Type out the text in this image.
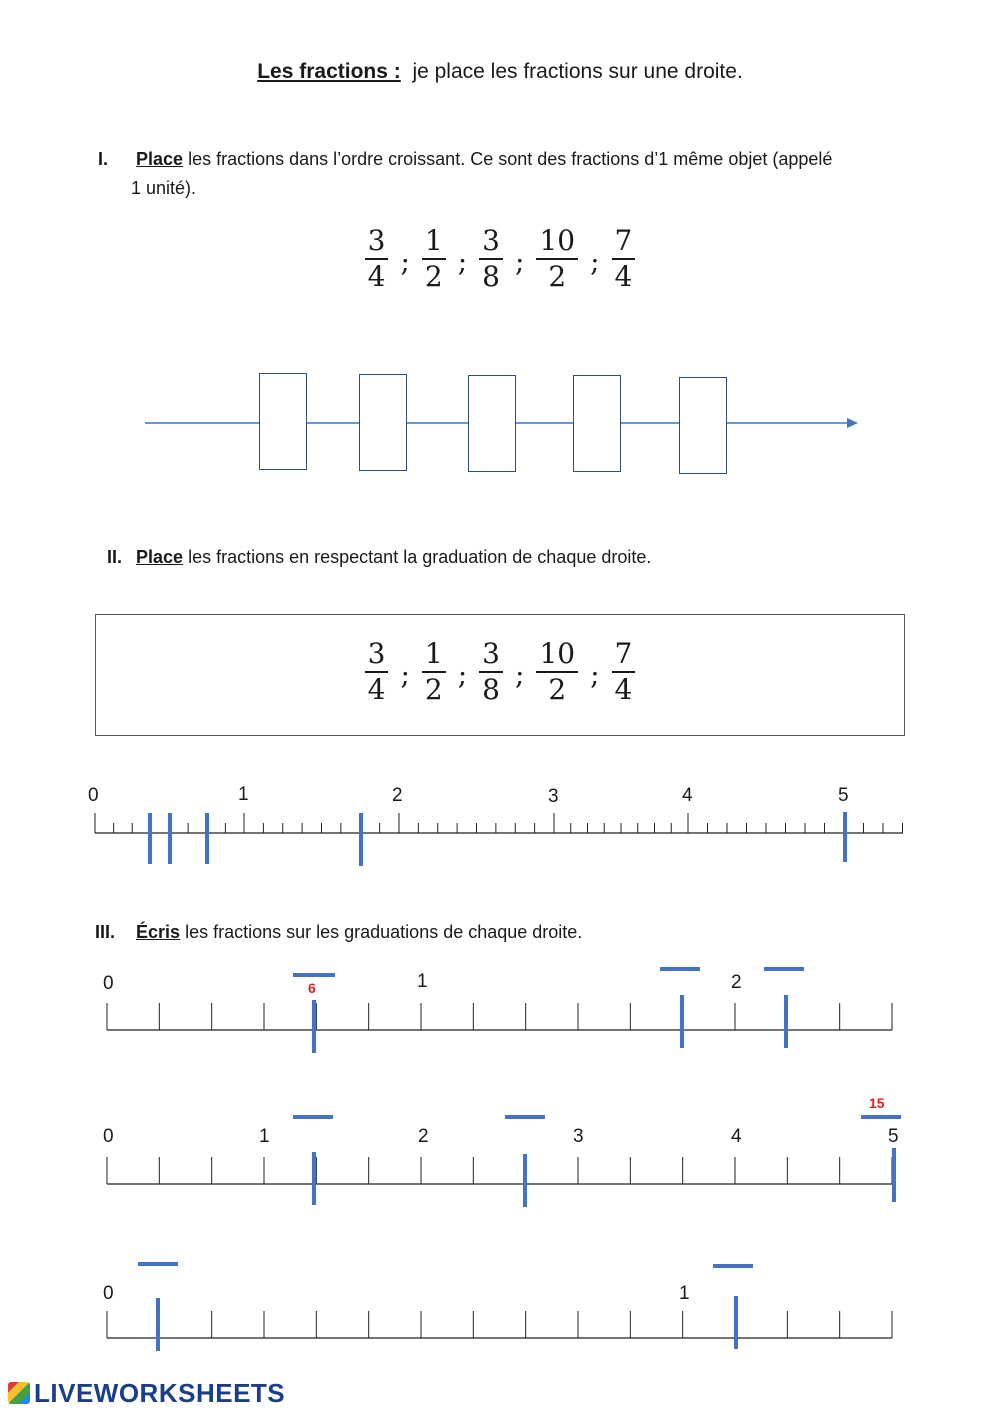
Les fractions : je place les fractions sur une droite.
I. Place les fractions dans l’ordre croissant. Ce sont des fractions d’1 même objet (appelé
1 unité).
$\frac{3}{4}$ ; $\frac{1}{2}$ ; $\frac{3}{8}$ ; $\frac{10}{2}$ ; $\frac{7}{4}$
II. Place les fractions en respectant la graduation de chaque droite.
$\frac{3}{4}$ ; $\frac{1}{2}$ ; $\frac{3}{8}$ ; $\frac{10}{2}$ ; $\frac{7}{4}$
0	1	2	3	4	5
III. Écris les fractions sur les graduations de chaque droite.
0	1	2
6
0	1	2	3	4	5
15
0	1
LIVEWORKSHEETS
